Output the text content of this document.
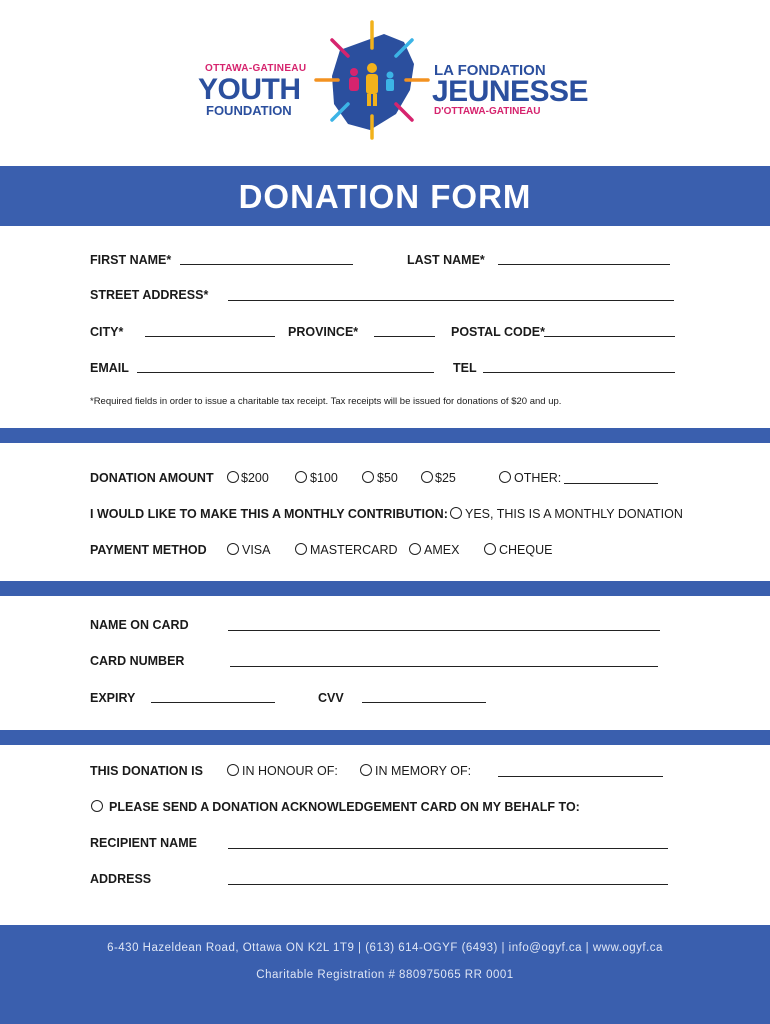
OTTAWA-GATINEAU
YOUTH
FOUNDATION
LA FONDATION
JEUNESSE
D'OTTAWA-GATINEAU
DONATION FORM
FIRST NAME*	LAST NAME*
STREET ADDRESS*
CITY*	PROVINCE*	POSTAL CODE*
EMAIL	TEL
*Required fields in order to issue a charitable tax receipt. Tax receipts will be issued for donations of $20 and up.
DONATION AMOUNT $200	$100	$50	$25	OTHER:
I WOULD LIKE TO MAKE THIS A MONTHLY CONTRIBUTION: YES, THIS IS A MONTHLY DONATION
PAYMENT METHOD	VISA	MASTERCARD AMEX	CHEQUE
NAME ON CARD
CARD NUMBER
EXPIRY	CVV
THIS DONATION IS	IN HONOUR OF:	IN MEMORY OF:
PLEASE SEND A DONATION ACKNOWLEDGEMENT CARD ON MY BEHALF TO:
RECIPIENT NAME
ADDRESS
6-430 Hazeldean Road, Ottawa ON K2L 1T9 | (613) 614-OGYF (6493) | info@ogyf.ca | www.ogyf.ca
Charitable Registration # 880975065 RR 0001
